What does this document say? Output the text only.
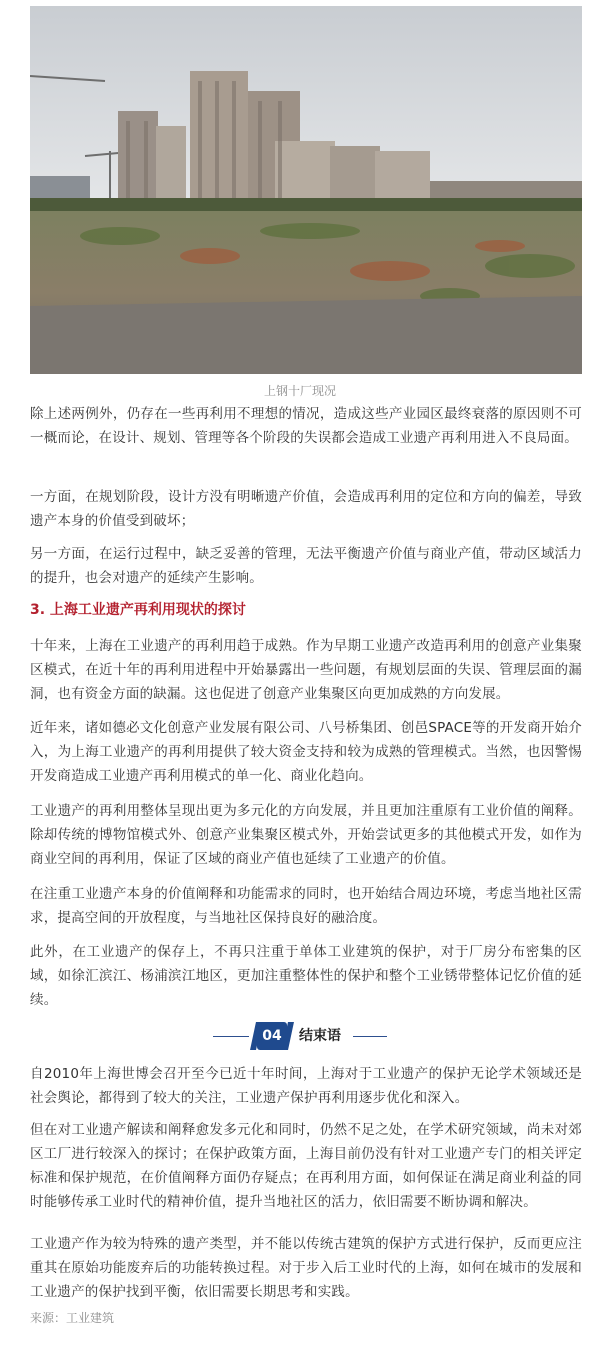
上钢十厂现况
除上述两例外，仍存在一些再利用不理想的情况，造成这些产业园区最终衰落的原因则不可一概而论，在设计、规划、管理等各个阶段的失误都会造成工业遗产再利用进入不良局面。
一方面，在规划阶段，设计方没有明晰遗产价值，会造成再利用的定位和方向的偏差，导致遗产本身的价值受到破坏；
另一方面，在运行过程中，缺乏妥善的管理，无法平衡遗产价值与商业产值，带动区域活力的提升，也会对遗产的延续产生影响。
3. 上海工业遗产再利用现状的探讨
十年来，上海在工业遗产的再利用趋于成熟。作为早期工业遗产改造再利用的创意产业集聚区模式，在近十年的再利用进程中开始暴露出一些问题，有规划层面的失误、管理层面的漏洞，也有资金方面的缺漏。这也促进了创意产业集聚区向更加成熟的方向发展。
近年来，诸如德必文化创意产业发展有限公司、八号桥集团、创邑SPACE等的开发商开始介入，为上海工业遗产的再利用提供了较大资金支持和较为成熟的管理模式。当然，也因警惕开发商造成工业遗产再利用模式的单一化、商业化趋向。
工业遗产的再利用整体呈现出更为多元化的方向发展，并且更加注重原有工业价值的阐释。除却传统的博物馆模式外、创意产业集聚区模式外，开始尝试更多的其他模式开发，如作为商业空间的再利用，保证了区域的商业产值也延续了工业遗产的价值。
在注重工业遗产本身的价值阐释和功能需求的同时，也开始结合周边环境，考虑当地社区需求，提高空间的开放程度，与当地社区保持良好的融洽度。
此外，在工业遗产的保存上，不再只注重于单体工业建筑的保护，对于厂房分布密集的区域，如徐汇滨江、杨浦滨江地区，更加注重整体性的保护和整个工业锈带整体记忆价值的延续。
04	结束语
自2010年上海世博会召开至今已近十年时间，上海对于工业遗产的保护无论学术领域还是社会舆论，都得到了较大的关注，工业遗产保护再利用逐步优化和深入。
但在对工业遗产解读和阐释愈发多元化和同时，仍然不足之处，在学术研究领域，尚未对郊区工厂进行较深入的探讨；在保护政策方面，上海目前仍没有针对工业遗产专门的相关评定标准和保护规范，在价值阐释方面仍存疑点；在再利用方面，如何保证在满足商业利益的同时能够传承工业时代的精神价值，提升当地社区的活力，依旧需要不断协调和解决。
工业遗产作为较为特殊的遗产类型，并不能以传统古建筑的保护方式进行保护，反而更应注重其在原始功能废弃后的功能转换过程。对于步入后工业时代的上海，如何在城市的发展和工业遗产的保护找到平衡，依旧需要长期思考和实践。
来源：工业建筑
